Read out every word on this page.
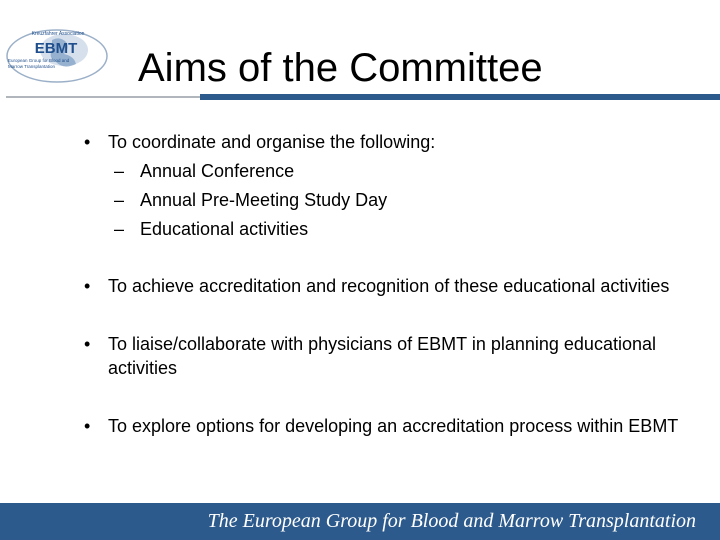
Kreuzfahrer Association
EBMT
European Group for Blood and
Marrow Transplantation Aims of the Committee
• To coordinate and organise the following:
– Annual Conference
– Annual Pre-Meeting Study Day
– Educational activities
• To achieve accreditation and recognition of these educational activities
• To liaise/collaborate with physicians of EBMT in planning educational activities
• To explore options for developing an accreditation process within EBMT
The European Group for Blood and Marrow Transplantation
